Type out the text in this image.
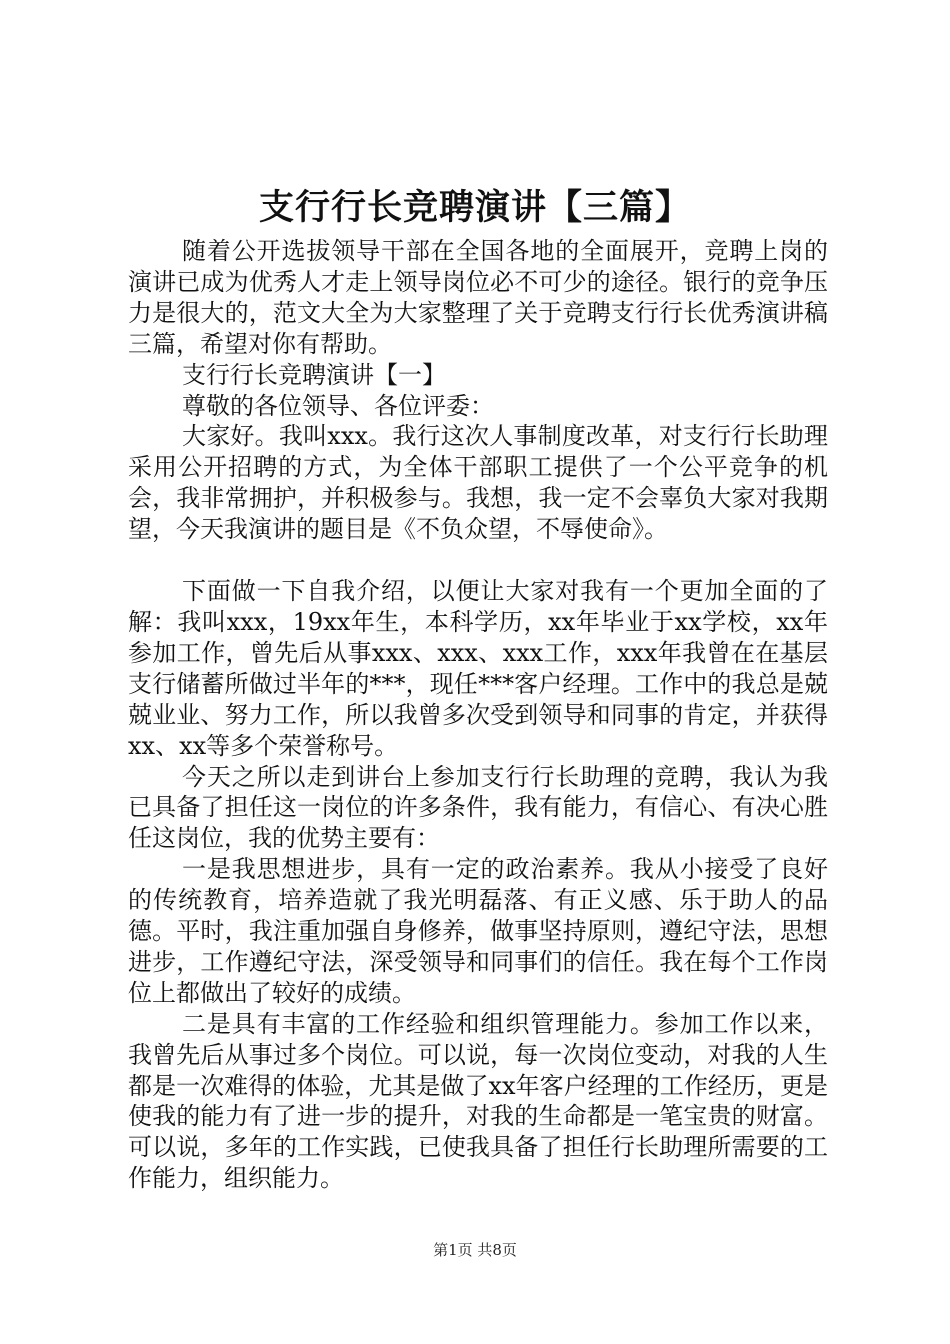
支行行长竞聘演讲【三篇】

随着公开选拔领导干部在全国各地的全面展开，竞聘上岗的演讲已成为优秀人才走上领导岗位必不可少的途径。银行的竞争压力是很大的，范文大全为大家整理了关于竞聘支行行长优秀演讲稿三篇，希望对你有帮助。

支行行长竞聘演讲【一】

尊敬的各位领导、各位评委：

大家好。我叫xxx。我行这次人事制度改革，对支行行长助理采用公开招聘的方式，为全体干部职工提供了一个公平竞争的机会，我非常拥护，并积极参与。我想，我一定不会辜负大家对我期望，今天我演讲的题目是《不负众望，不辱使命》。

下面做一下自我介绍，以便让大家对我有一个更加全面的了解：我叫xxx，19xx年生，本科学历，xx年毕业于xx学校，xx年参加工作，曾先后从事xxx、xxx、xxx工作，xxx年我曾在在基层支行储蓄所做过半年的***，现任***客户经理。工作中的我总是兢兢业业、努力工作，所以我曾多次受到领导和同事的肯定，并获得xx、xx等多个荣誉称号。

今天之所以走到讲台上参加支行行长助理的竞聘，我认为我已具备了担任这一岗位的许多条件，我有能力，有信心、有决心胜任这岗位，我的优势主要有：

一是我思想进步，具有一定的政治素养。我从小接受了良好的传统教育，培养造就了我光明磊落、有正义感、乐于助人的品德。平时，我注重加强自身修养，做事坚持原则，遵纪守法，思想进步，工作遵纪守法，深受领导和同事们的信任。我在每个工作岗位上都做出了较好的成绩。

二是具有丰富的工作经验和组织管理能力。参加工作以来，我曾先后从事过多个岗位。可以说，每一次岗位变动，对我的人生都是一次难得的体验，尤其是做了xx年客户经理的工作经历，更是使我的能力有了进一步的提升，对我的生命都是一笔宝贵的财富。可以说，多年的工作实践，已使我具备了担任行长助理所需要的工作能力，组织能力。

第1页 共8页
